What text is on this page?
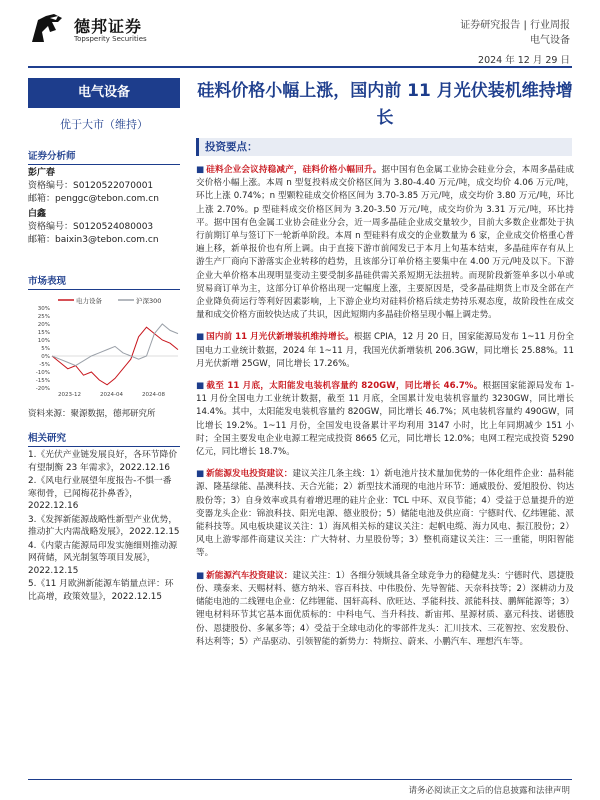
德邦证券
Topsperity Securities
证券研究报告 | 行业周报
电气设备
2024 年 12 月 29 日
电气设备
优于大市（维持）
证券分析师
彭广春
资格编号：S0120522070001
邮箱：penggc@tebon.com.cn
白鑫
资格编号：S0120524080003
邮箱：baixin3@tebon.com.cn
市场表现
电力设备	沪深300
30%
25%
20%
15%
10%
5%
0%
-5%
-10%
-15%
-20%
2023-12	2024-04	2024-08
资料来源：聚源数据，德邦研究所
相关研究
1.《光伏产业链发展良好，各环节降价有望制衡 23 年需求》，2022.12.16
2.《风电行业展望年度报告-不惧一番寒彻骨，已闻梅花扑鼻香》，2022.12.16
3.《发挥新能源战略性新型产业优势，推动扩大内需战略发展》，2022.12.15
4.《内蒙古能源局印发实施细则推动源网荷储，风光制氢等项目发展》，2022.12.15
5.《11 月欧洲新能源车销量点评：环比高增，政策效显》，2022.12.15
硅料价格小幅上涨，国内前 11 月光伏装机维持增长
投资要点：

■ 硅料企业会议持稳减产，硅料价格小幅回升。据中国有色金属工业协会硅业分会，本周多晶硅成交价格小幅上涨。本周 n 型复投料成交价格区间为 3.80-4.40 万元/吨，成交均价 4.06 万元/吨，环比上涨 0.74%；n 型颗粒硅成交价格区间为 3.70-3.85 万元/吨，成交均价 3.80 万元/吨，环比上涨 2.70%。p 型硅料成交价格区间为 3.20-3.50 万元/吨，成交均价为 3.31 万元/吨，环比持平。据中国有色金属工业协会硅业分会，近一周多晶硅企业成交量较少，目前大多数企业都处于执行前期订单与签订下一轮新单阶段。本周 n 型硅料有成交的企业数量为 6 家，企业成交价格重心普遍上移，新单报价也有所上调。由于直接下游市前闻发已于本月上旬基本结束，多晶硅库存有从上游生产厂商向下游落实企业转移的趋势，且该部分订单价格主要集中在 4.00 万元/吨及以下。下游企业大单价格本出现明显变动主要受制多晶硅供需关系短期无法扭转。而现阶段新签单多以小单或贸易商订单为主，这部分订单价格出现一定幅度上涨，主要原因是，受多晶硅期货上市及全部在产企业降负荷运行等利好因素影响，上下游企业均对硅料价格后续走势持乐观态度，故阶段性在成交量和成交价格方面较快达成了共识，因此短期内多晶硅价格呈现小幅上调走势。

■ 国内前 11 月光伏新增装机维持增长。根据 CPIA，12 月 20 日，国家能源局发布 1~11 月份全国电力工业统计数据，2024 年 1~11 月，我国光伏新增装机 206.3GW，同比增长 25.88%。11 月光伏新增 25GW，同比增长 17.26%。

■ 截至 11 月底，太阳能发电装机容量约 820GW，同比增长 46.7%。根据国家能源局发布 1-11 月份全国电力工业统计数据，截至 11 月底，全国累计发电装机容量约 3230GW，同比增长 14.4%。其中，太阳能发电装机容量约 820GW，同比增长 46.7%；风电装机容量约 490GW，同比增长 19.2%。1~11 月份，全国发电设备累计平均利用 3147 小时，比上年同期减少 151 小时；全国主要发电企业电源工程完成投资 8665 亿元，同比增长 12.0%；电网工程完成投资 5290 亿元，同比增长 18.7%。

■ 新能源发电投资建议：建议关注几条主线：1）新电池片技术量加优势的一体化组件企业：晶科能源、隆基绿能、晶澳科技、天合光能；2）新型技术涌现的电池片环节：通威股份、爱旭股份、钧达股份等；3）自身效率或具有着增迟理的硅片企业：TCL 中环、双良节能；4）受益于总量提升的逆变器龙头企业：锦浪科技、阳光电源、德业股份；5）储能电池及供应商：宁德时代、亿纬锂能、派能科技等。风电板块建议关注：1）海风相关标的建议关注：起帆电缆、海力风电、振江股份；2）风电上游零部件商建议关注：广大特材、力星股份等；3）整机商建议关注：三一重能，明阳智能等。

■ 新能源汽车投资建议：建议关注：1）各细分领域具备全球竞争力的稳健龙头：宁德时代、恩捷股份、璞泰来、天赐材料、德方纳米、容百科技、中伟股份、先导智能、天奈科技等；2）深耕动力及储能电池的二线锂电企业：亿纬锂能、国轩高科、欣旺达、孚能科技、派能科技、鹏辉能源等；3）锂电材料环节其它基本面优质标的：中科电气、当升科技、新宙邦、星源材质、嘉元科技、诺德股份、恩捷股份、多氟多等；4）受益于全球电动化的零部件龙头：汇川技术、三花智控、宏发股份、科达利等；5）产品驱动、引领智能的新势力：特斯拉、蔚来、小鹏汽车、理想汽车等。

请务必阅读正文之后的信息披露和法律声明
